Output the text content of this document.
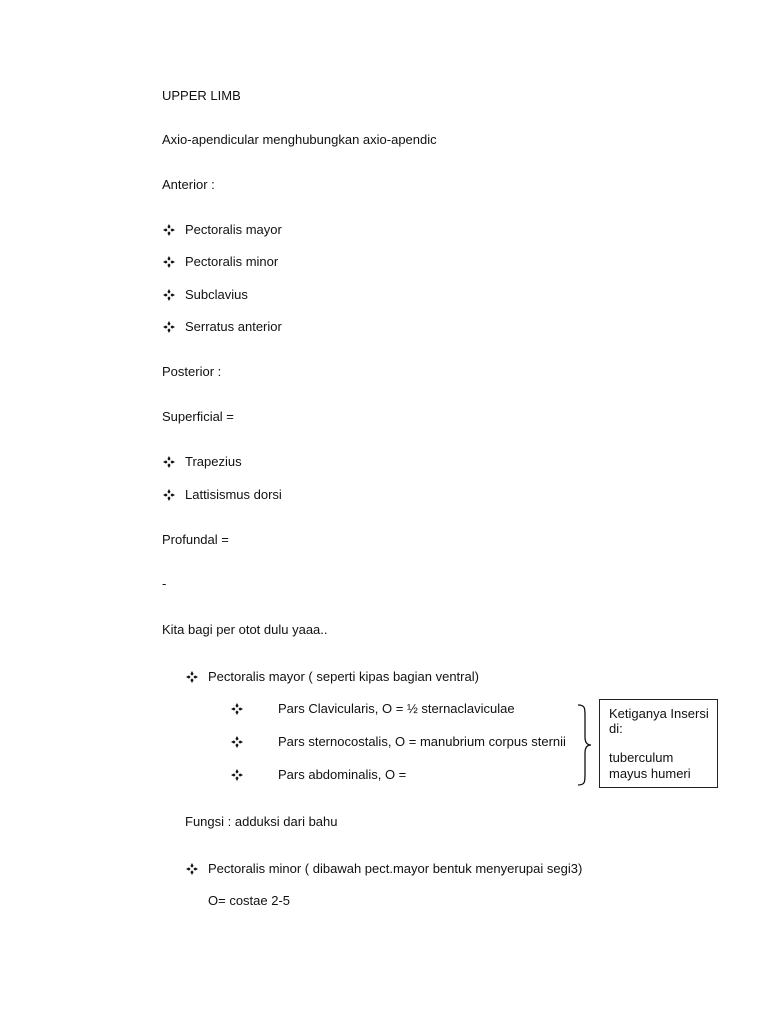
UPPER LIMB
Axio-apendicular menghubungkan axio-apendic
Anterior :
Pectoralis mayor
Pectoralis minor
Subclavius
Serratus anterior
Posterior :
Superficial =
Trapezius
Lattisismus dorsi
Profundal =
-
Kita bagi per otot dulu yaaa..
Pectoralis mayor ( seperti kipas bagian ventral)
Pars Clavicularis, O = ½ sternaclaviculae
Pars sternocostalis, O = manubrium corpus sternii
Pars abdominalis, O =
Ketiganya Insersi
di:
tuberculum
mayus humeri
Fungsi : adduksi dari bahu
Pectoralis minor ( dibawah pect.mayor bentuk menyerupai segi3)
O= costae 2-5
